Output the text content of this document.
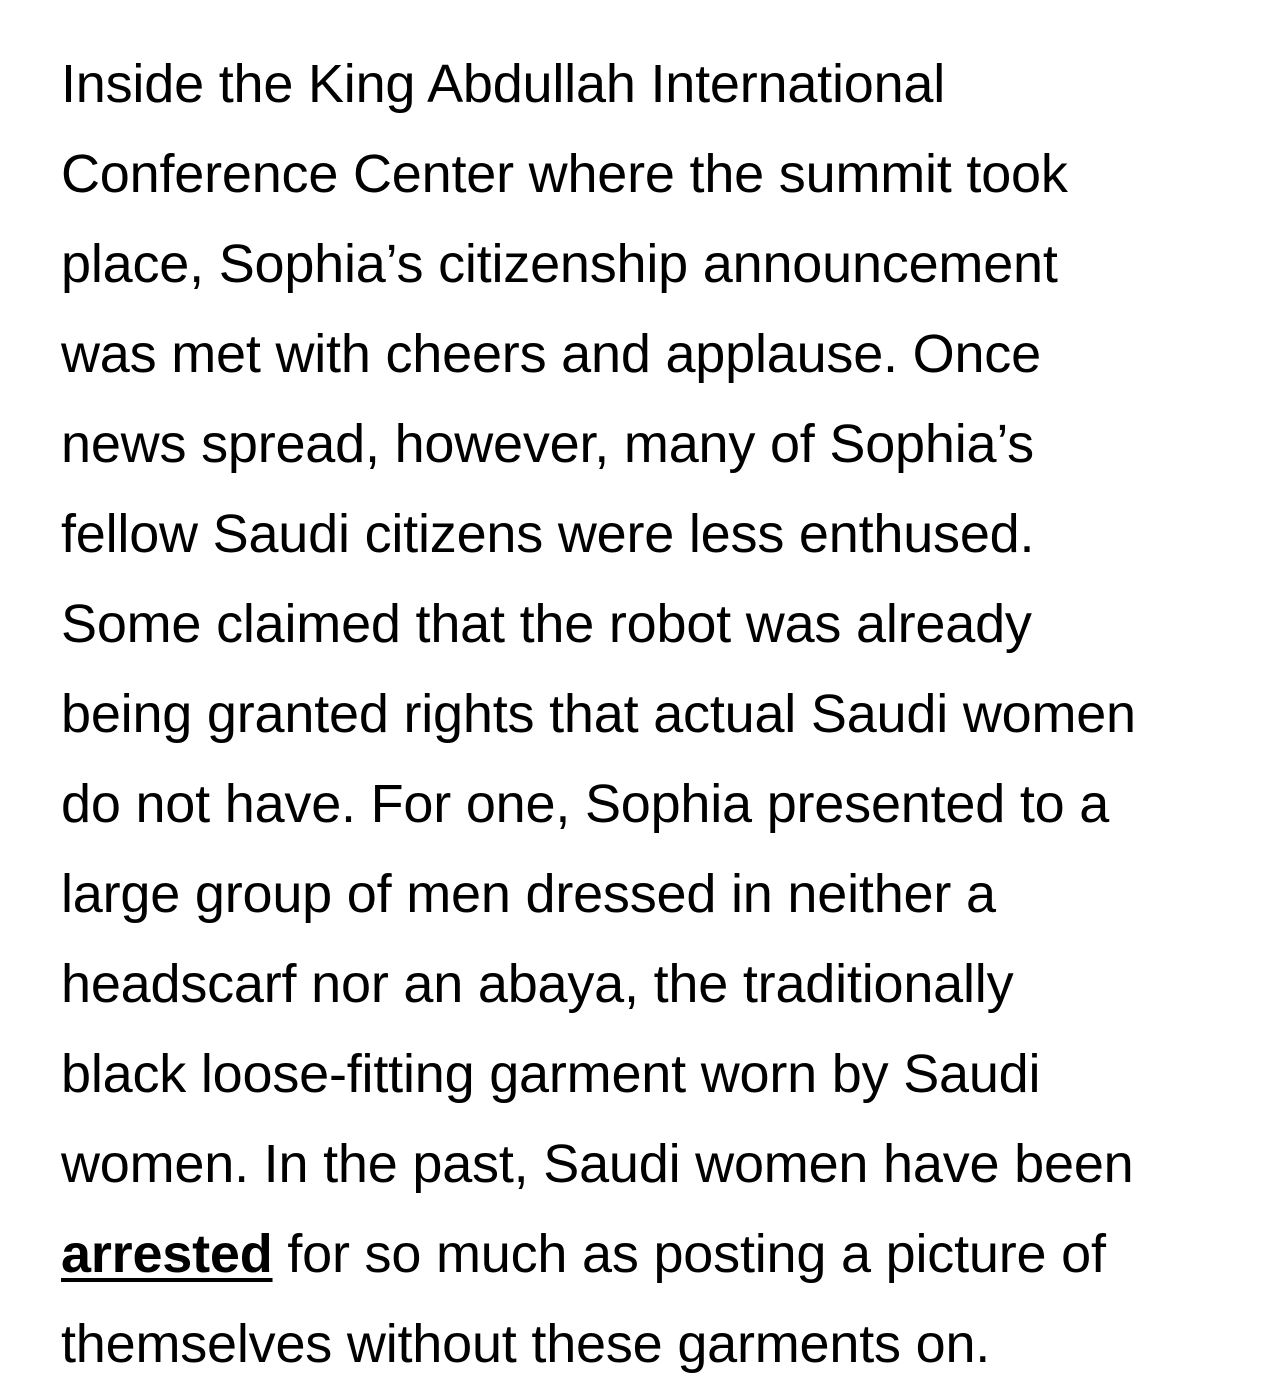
Inside the King Abdullah International
Conference Center where the summit took
place, Sophia’s citizenship announcement
was met with cheers and applause. Once
news spread, however, many of Sophia’s
fellow Saudi citizens were less enthused.
Some claimed that the robot was already
being granted rights that actual Saudi women
do not have. For one, Sophia presented to a
large group of men dressed in neither a
headscarf nor an abaya, the traditionally
black loose-fitting garment worn by Saudi
women. In the past, Saudi women have been
arrested for so much as posting a picture of
themselves without these garments on.
